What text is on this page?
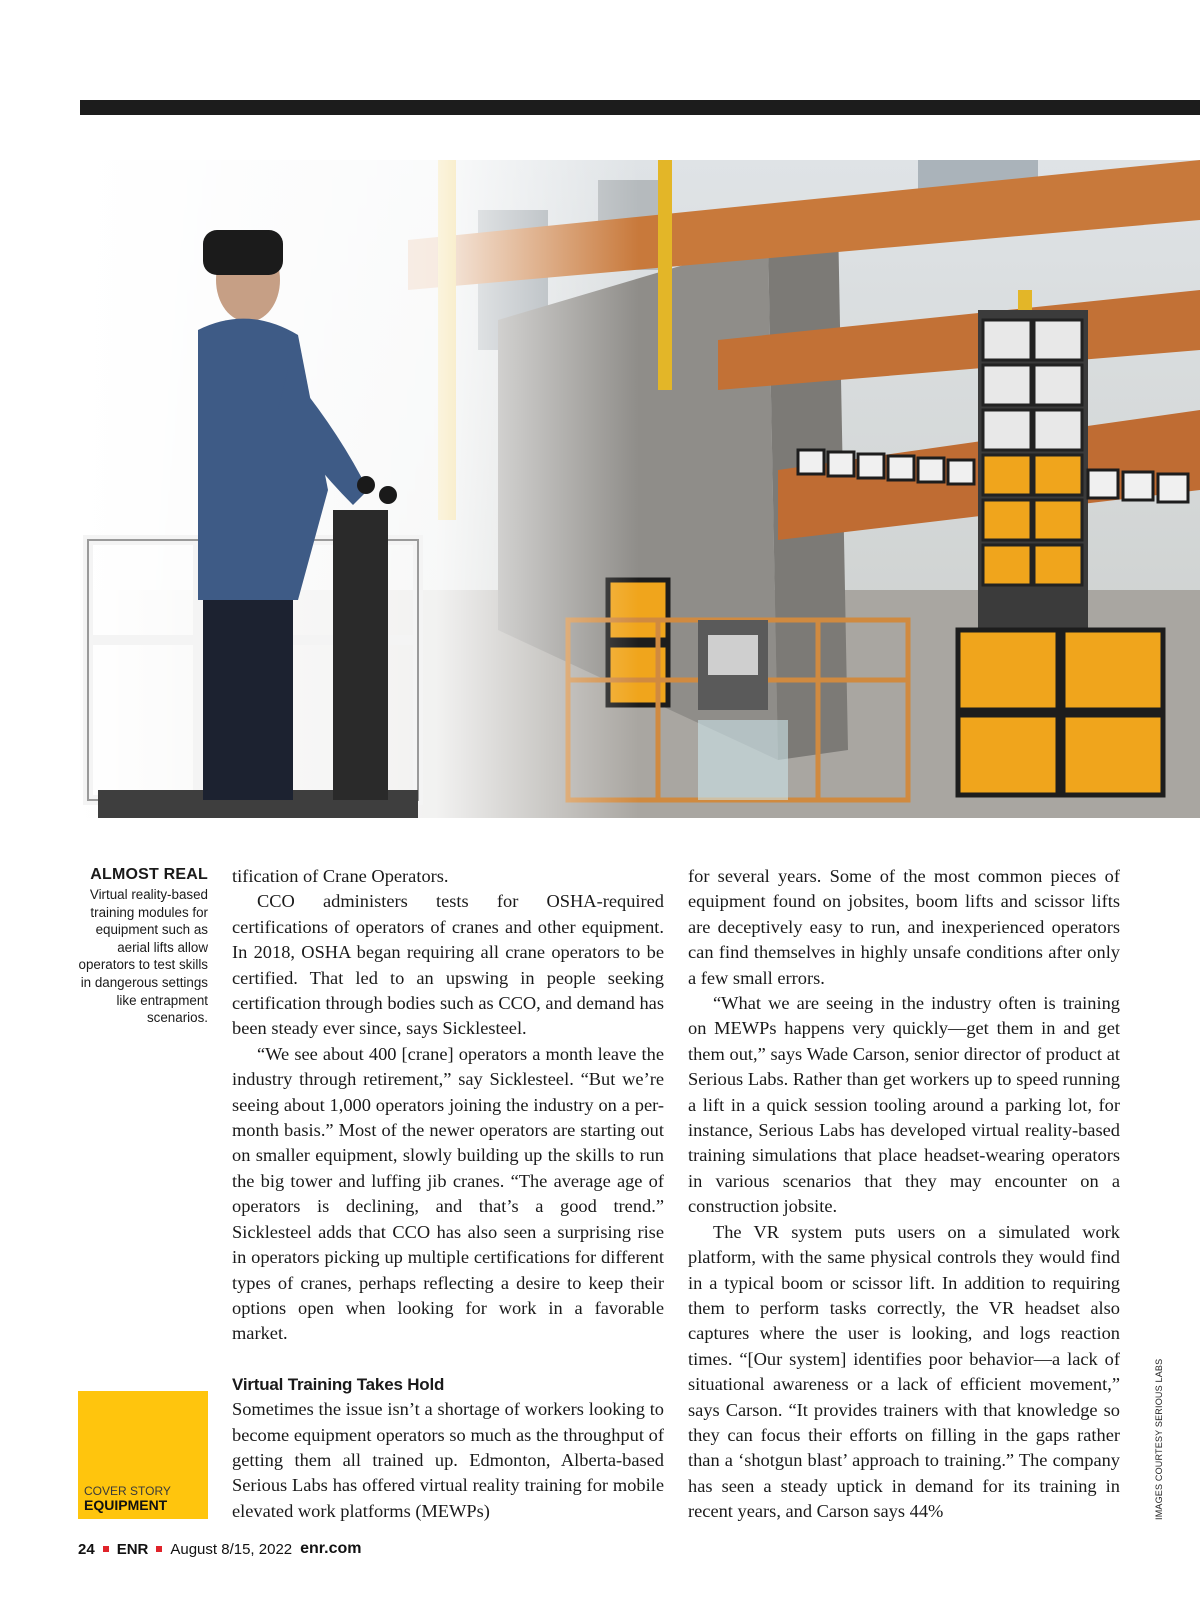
ALMOST REAL
Virtual reality-based training modules for equipment such as aerial lifts allow operators to test skills in dangerous settings like entrapment scenarios.

tification of Crane Operators.

CCO administers tests for OSHA-required certifications of operators of cranes and other equipment. In 2018, OSHA began requiring all crane operators to be certified. That led to an upswing in people seeking certification through bodies such as CCO, and demand has been steady ever since, says Sicklesteel.

“We see about 400 [crane] operators a month leave the industry through retirement,” say Sicklesteel. “But we’re seeing about 1,000 operators joining the industry on a per-month basis.” Most of the newer operators are starting out on smaller equipment, slowly building up the skills to run the big tower and luffing jib cranes. “The average age of operators is declining, and that’s a good trend.” Sicklesteel adds that CCO has also seen a surprising rise in operators picking up multiple certifications for different types of cranes, perhaps reflecting a desire to keep their options open when looking for work in a favorable market.

Virtual Training Takes Hold

Sometimes the issue isn’t a shortage of workers looking to become equipment operators so much as the throughput of getting them all trained up. Edmonton, Alberta-based Serious Labs has offered virtual reality training for mobile elevated work platforms (MEWPs)

for several years. Some of the most common pieces of equipment found on jobsites, boom lifts and scissor lifts are deceptively easy to run, and inexperienced operators can find themselves in highly unsafe conditions after only a few small errors.

“What we are seeing in the industry often is training on MEWPs happens very quickly—get them in and get them out,” says Wade Carson, senior director of product at Serious Labs. Rather than get workers up to speed running a lift in a quick session tooling around a parking lot, for instance, Serious Labs has developed virtual reality-based training simulations that place headset-wearing operators in various scenarios that they may encounter on a construction jobsite.

The VR system puts users on a simulated work platform, with the same physical controls they would find in a typical boom or scissor lift. In addition to requiring them to perform tasks correctly, the VR headset also captures where the user is looking, and logs reaction times. “[Our system] identifies poor behavior—a lack of situational awareness or a lack of efficient movement,” says Carson. “It provides trainers with that knowledge so they can focus their efforts on filling in the gaps rather than a ‘shotgun blast’ approach to training.” The company has seen a steady uptick in demand for its training in recent years, and Carson says 44%

COVER STORY
EQUIPMENT	IMAGES COURTESY SERIOUS LABS
24 ENR August 8/15, 2022 enr.com
